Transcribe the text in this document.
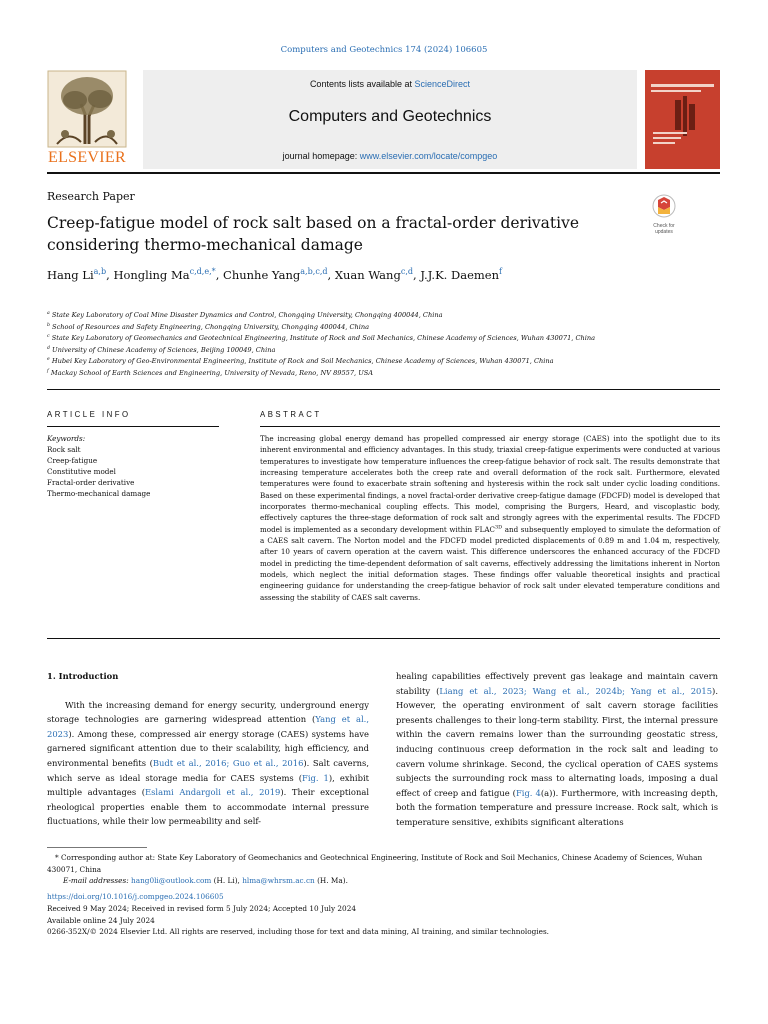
Computers and Geotechnics 174 (2024) 106605
ELSEVIER
Contents lists available at ScienceDirect
Computers and Geotechnics
journal homepage: www.elsevier.com/locate/compgeo
Research Paper
Creep-fatigue model of rock salt based on a fractal-order derivative considering thermo-mechanical damage
Check for updates
Hang Li$^{a,b}$, Hongling $Ma^{c,d,e,*}$, Chunhe Yang$^{a,b,c,d}$, Xuan Wang$^{c,d}$, J.J.K. Daemen$^f$
$^a$ State Key Laboratory of Coal Mine Disaster Dynamics and Control, Chongqing University, Chongqing 400044, China
$^b$ School of Resources and Safety Engineering, Chongqing University, Chongqing 400044, China
$^c$ State Key Laboratory of Geomechanics and Geotechnical Engineering, Institute of Rock and Soil Mechanics, Chinese Academy of Sciences, Wuhan 430071, China
$^d$ University of Chinese Academy of Sciences, Beijing 100049, China
$^e$ Hubei Key Laboratory of Geo-Environmental Engineering, Institute of Rock and Soil Mechanics, Chinese Academy of Sciences, Wuhan 430071, China
$^f$ Mackay School of Earth Sciences and Engineering, University of Nevada, Reno, NV 89557, USA
ARTICLE INFO
Keywords:
Rock salt
Creep-fatigue
Constitutive model
Fractal-order derivative
Thermo-mechanical damage
ABSTRACT
The increasing global energy demand has propelled compressed air energy storage (CAES) into the spotlight due to its inherent environmental and efficiency advantages. In this study, triaxial creep-fatigue experiments were conducted at various temperatures to investigate how temperature influences the creep-fatigue behavior of rock salt. The results demonstrate that increasing temperature accelerates both the creep rate and overall deformation of the rock salt. Furthermore, elevated temperatures were found to exacerbate strain softening and hysteresis within the rock salt under cyclic loading conditions. Based on these experimental findings, a novel fractal-order derivative creep-fatigue damage (FDCFD) model is developed that incorporates thermo-mechanical coupling effects. This model, comprising the Burgers, Heard, and viscoplastic body, effectively captures the three-stage deformation of rock salt and strongly agrees with the experimental results. The FDCFD model is implemented as a secondary development within $FLAC^{3D}$ and subsequently employed to simulate the deformation of a CAES salt cavern. The Norton model and the FDCFD model predicted displacements of 0.89 m and 1.04 m, respectively, after 10 years of cavern operation at the cavern waist. This difference underscores the enhanced accuracy of the FDCFD model in predicting the time-dependent deformation of salt caverns, effectively addressing the limitations inherent in Norton models, which neglect the initial deformation stages. These findings offer valuable theoretical insights and practical engineering guidance for understanding the creep-fatigue behavior of rock salt under elevated temperature conditions and assessing the stability of CAES salt caverns.
1. Introduction
With the increasing demand for energy security, underground energy storage technologies are garnering widespread attention (Yang et al., 2023). Among these, compressed air energy storage (CAES) systems have garnered significant attention due to their scalability, high efficiency, and environmental benefits (Budt et al., 2016; Guo et al., 2016). Salt caverns, which serve as ideal storage media for CAES systems (Fig. 1), exhibit multiple advantages (Eslami Andargoli et al., 2019). Their exceptional rheological properties enable them to accommodate internal pressure fluctuations, while their low permeability and self-
healing capabilities effectively prevent gas leakage and maintain cavern stability (Liang et al., 2023; Wang et al., 2024b; Yang et al., 2015). However, the operating environment of salt cavern storage facilities presents challenges to their long-term stability. First, the internal pressure within the cavern remains lower than the surrounding geostatic stress, inducing continuous creep deformation in the rock salt and leading to cavern volume shrinkage. Second, the cyclical operation of CAES systems subjects the surrounding rock mass to alternating loads, imposing a dual effect of creep and fatigue (Fig. 4(a)). Furthermore, with increasing depth, both the formation temperature and pressure increase. Rock salt, which is temperature sensitive, exhibits significant alterations
* Corresponding author at: State Key Laboratory of Geomechanics and Geotechnical Engineering, Institute of Rock and Soil Mechanics, Chinese Academy of Sciences, Wuhan 430071, China
E-mail addresses: hang0li@outlook.com (H. Li), hlma@whrsm.ac.cn (H. Ma).
https://doi.org/10.1016/j.compgeo.2024.106605
Received 9 May 2024; Received in revised form 5 July 2024; Accepted 10 July 2024
Available online 24 July 2024
0266-352X/© 2024 Elsevier Ltd. All rights are reserved, including those for text and data mining, AI training, and similar technologies.
